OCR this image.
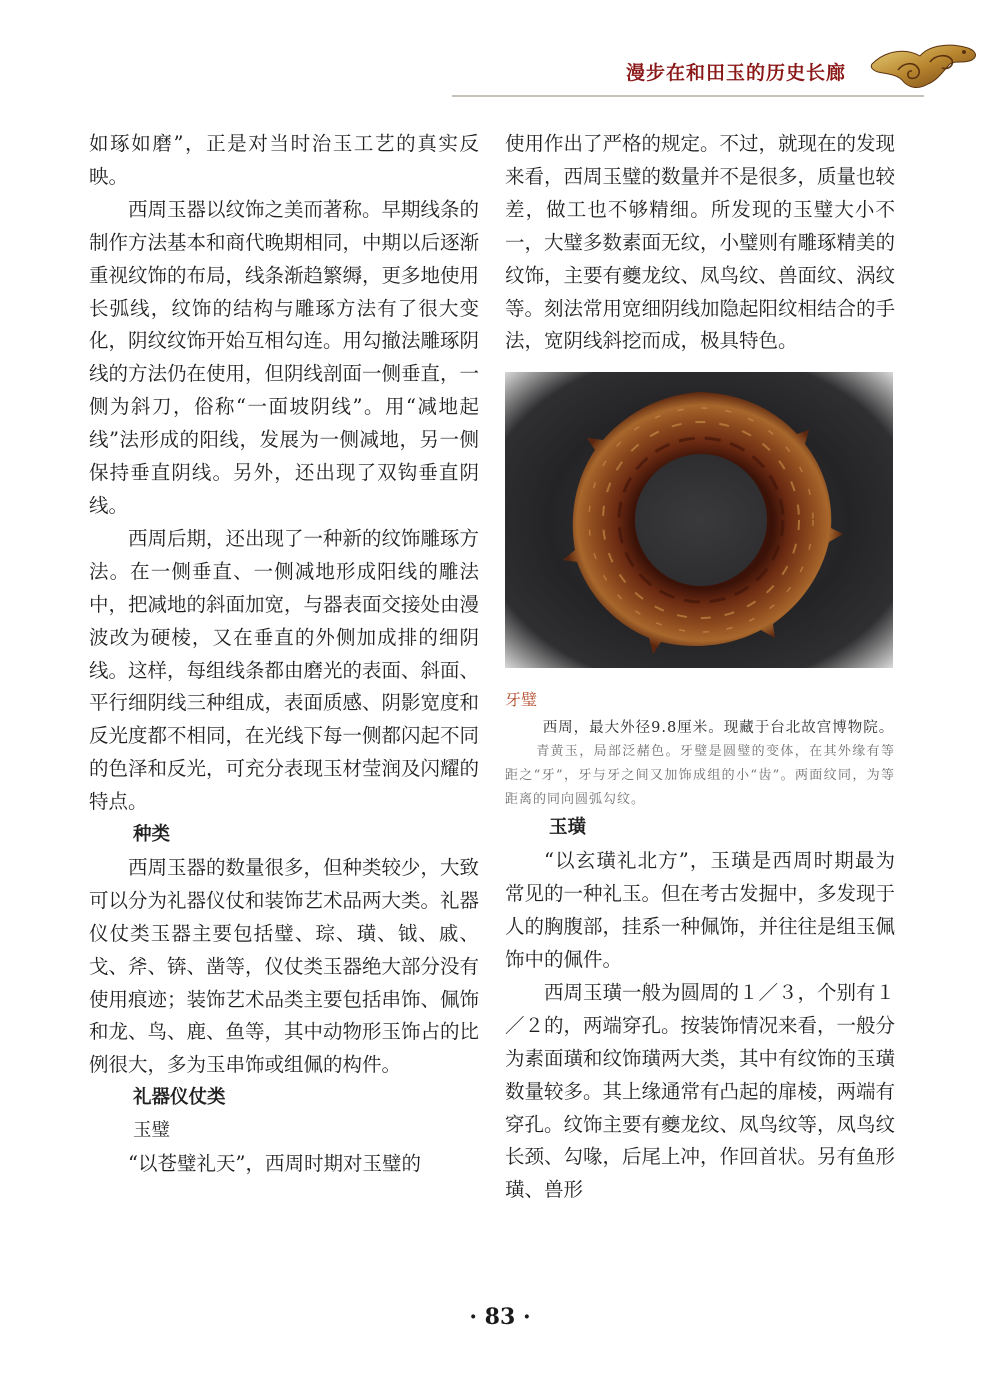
漫步在和田玉的历史长廊

如琢如磨”，正是对当时治玉工艺的真实反映。

西周玉器以纹饰之美而著称。早期线条的制作方法基本和商代晚期相同，中期以后逐渐重视纹饰的布局，线条渐趋繁缛，更多地使用长弧线，纹饰的结构与雕琢方法有了很大变化，阴纹纹饰开始互相勾连。用勾撤法雕琢阴线的方法仍在使用，但阴线剖面一侧垂直，一侧为斜刀，俗称“一面坡阴线”。用“减地起线”法形成的阳线，发展为一侧减地，另一侧保持垂直阴线。另外，还出现了双钩垂直阴线。

西周后期，还出现了一种新的纹饰雕琢方法。在一侧垂直、一侧减地形成阳线的雕法中，把减地的斜面加宽，与器表面交接处由漫波改为硬棱，又在垂直的外侧加成排的细阴线。这样，每组线条都由磨光的表面、斜面、平行细阴线三种组成，表面质感、阴影宽度和反光度都不相同，在光线下每一侧都闪起不同的色泽和反光，可充分表现玉材莹润及闪耀的特点。

种类

西周玉器的数量很多，但种类较少，大致可以分为礼器仪仗和装饰艺术品两大类。礼器仪仗类玉器主要包括璧、琮、璜、钺、戚、戈、斧、锛、凿等，仪仗类玉器绝大部分没有使用痕迹；装饰艺术品类主要包括串饰、佩饰和龙、鸟、鹿、鱼等，其中动物形玉饰占的比例很大，多为玉串饰或组佩的构件。

礼器仪仗类
玉璧

“以苍璧礼天”，西周时期对玉璧的

使用作出了严格的规定。不过，就现在的发现来看，西周玉璧的数量并不是很多，质量也较差，做工也不够精细。所发现的玉璧大小不一，大璧多数素面无纹，小璧则有雕琢精美的纹饰，主要有夔龙纹、凤鸟纹、兽面纹、涡纹等。刻法常用宽细阴线加隐起阳纹相结合的手法，宽阴线斜挖而成，极具特色。

牙璧

西周，最大外径9.8厘米。现藏于台北故宫博物院。

青黄玉，局部泛赭色。牙璧是圆璧的变体，在其外缘有等距之“牙”，牙与牙之间又加饰成组的小“齿”。两面纹同，为等距离的同向圆弧勾纹。

玉璜

“以玄璜礼北方”，玉璜是西周时期最为常见的一种礼玉。但在考古发掘中，多发现于人的胸腹部，挂系一种佩饰，并往往是组玉佩饰中的佩件。

西周玉璜一般为圆周的１／３，个别有１／２的，两端穿孔。按装饰情况来看，一般分为素面璜和纹饰璜两大类，其中有纹饰的玉璜数量较多。其上缘通常有凸起的扉棱，两端有穿孔。纹饰主要有夔龙纹、凤鸟纹等，凤鸟纹长颈、勾喙，后尾上冲，作回首状。另有鱼形璜、兽形

· 83 ·
